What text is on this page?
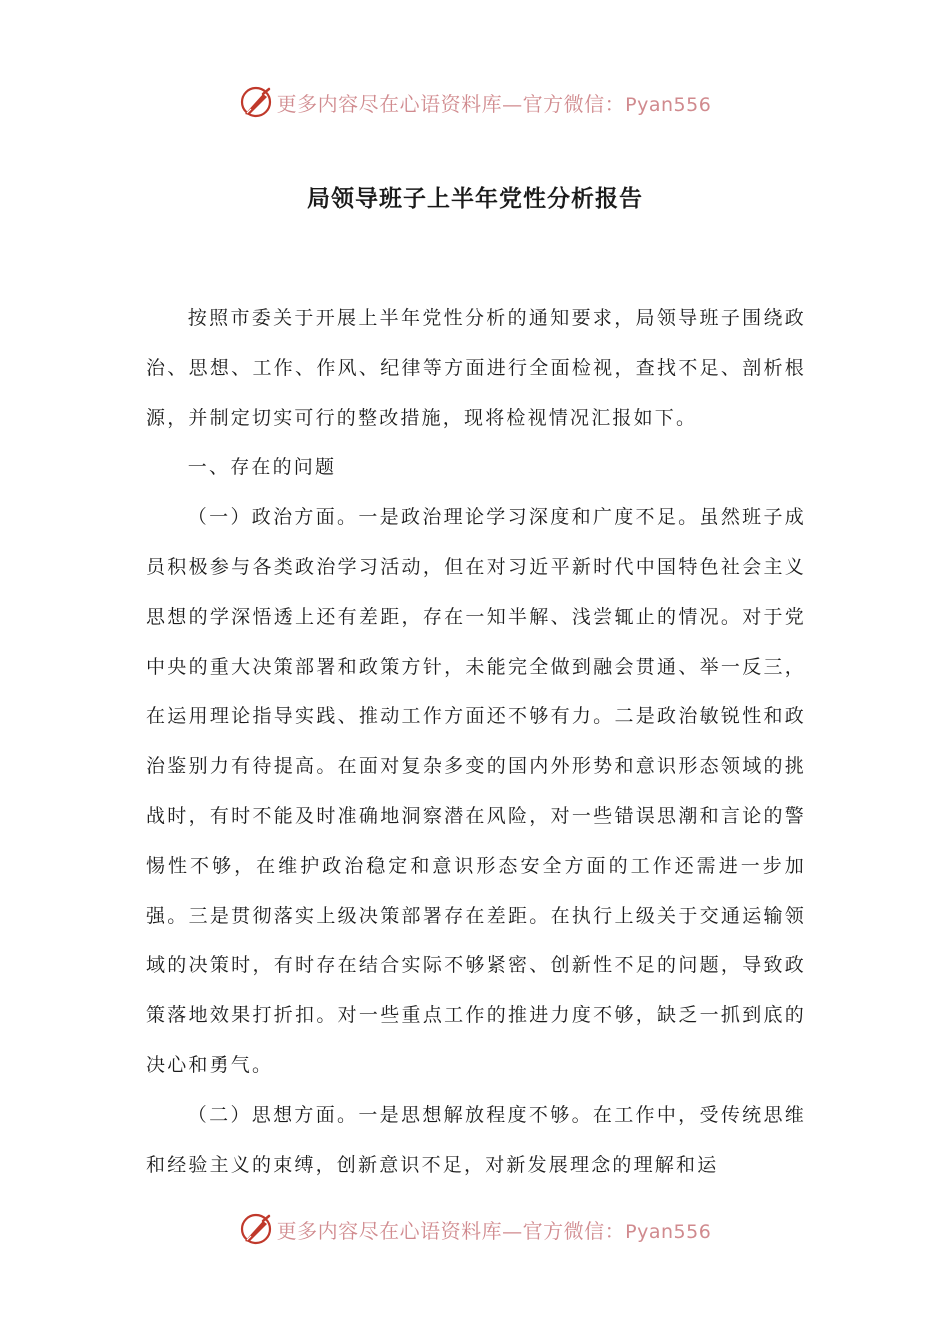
更多内容尽在心语资料库—官方微信：Pyan556
局领导班子上半年党性分析报告

按照市委关于开展上半年党性分析的通知要求，局领导班子围绕政治、思想、工作、作风、纪律等方面进行全面检视，查找不足、剖析根源，并制定切实可行的整改措施，现将检视情况汇报如下。

一、存在的问题

（一）政治方面。一是政治理论学习深度和广度不足。虽然班子成员积极参与各类政治学习活动，但在对习近平新时代中国特色社会主义思想的学深悟透上还有差距，存在一知半解、浅尝辄止的情况。对于党中央的重大决策部署和政策方针，未能完全做到融会贯通、举一反三，在运用理论指导实践、推动工作方面还不够有力。二是政治敏锐性和政治鉴别力有待提高。在面对复杂多变的国内外形势和意识形态领域的挑战时，有时不能及时准确地洞察潜在风险，对一些错误思潮和言论的警惕性不够，在维护政治稳定和意识形态安全方面的工作还需进一步加强。三是贯彻落实上级决策部署存在差距。在执行上级关于交通运输领域的决策时，有时存在结合实际不够紧密、创新性不足的问题，导致政策落地效果打折扣。对一些重点工作的推进力度不够，缺乏一抓到底的决心和勇气。

（二）思想方面。一是思想解放程度不够。在工作中，受传统思维和经验主义的束缚，创新意识不足，对新发展理念的理解和运

更多内容尽在心语资料库—官方微信：Pyan556
